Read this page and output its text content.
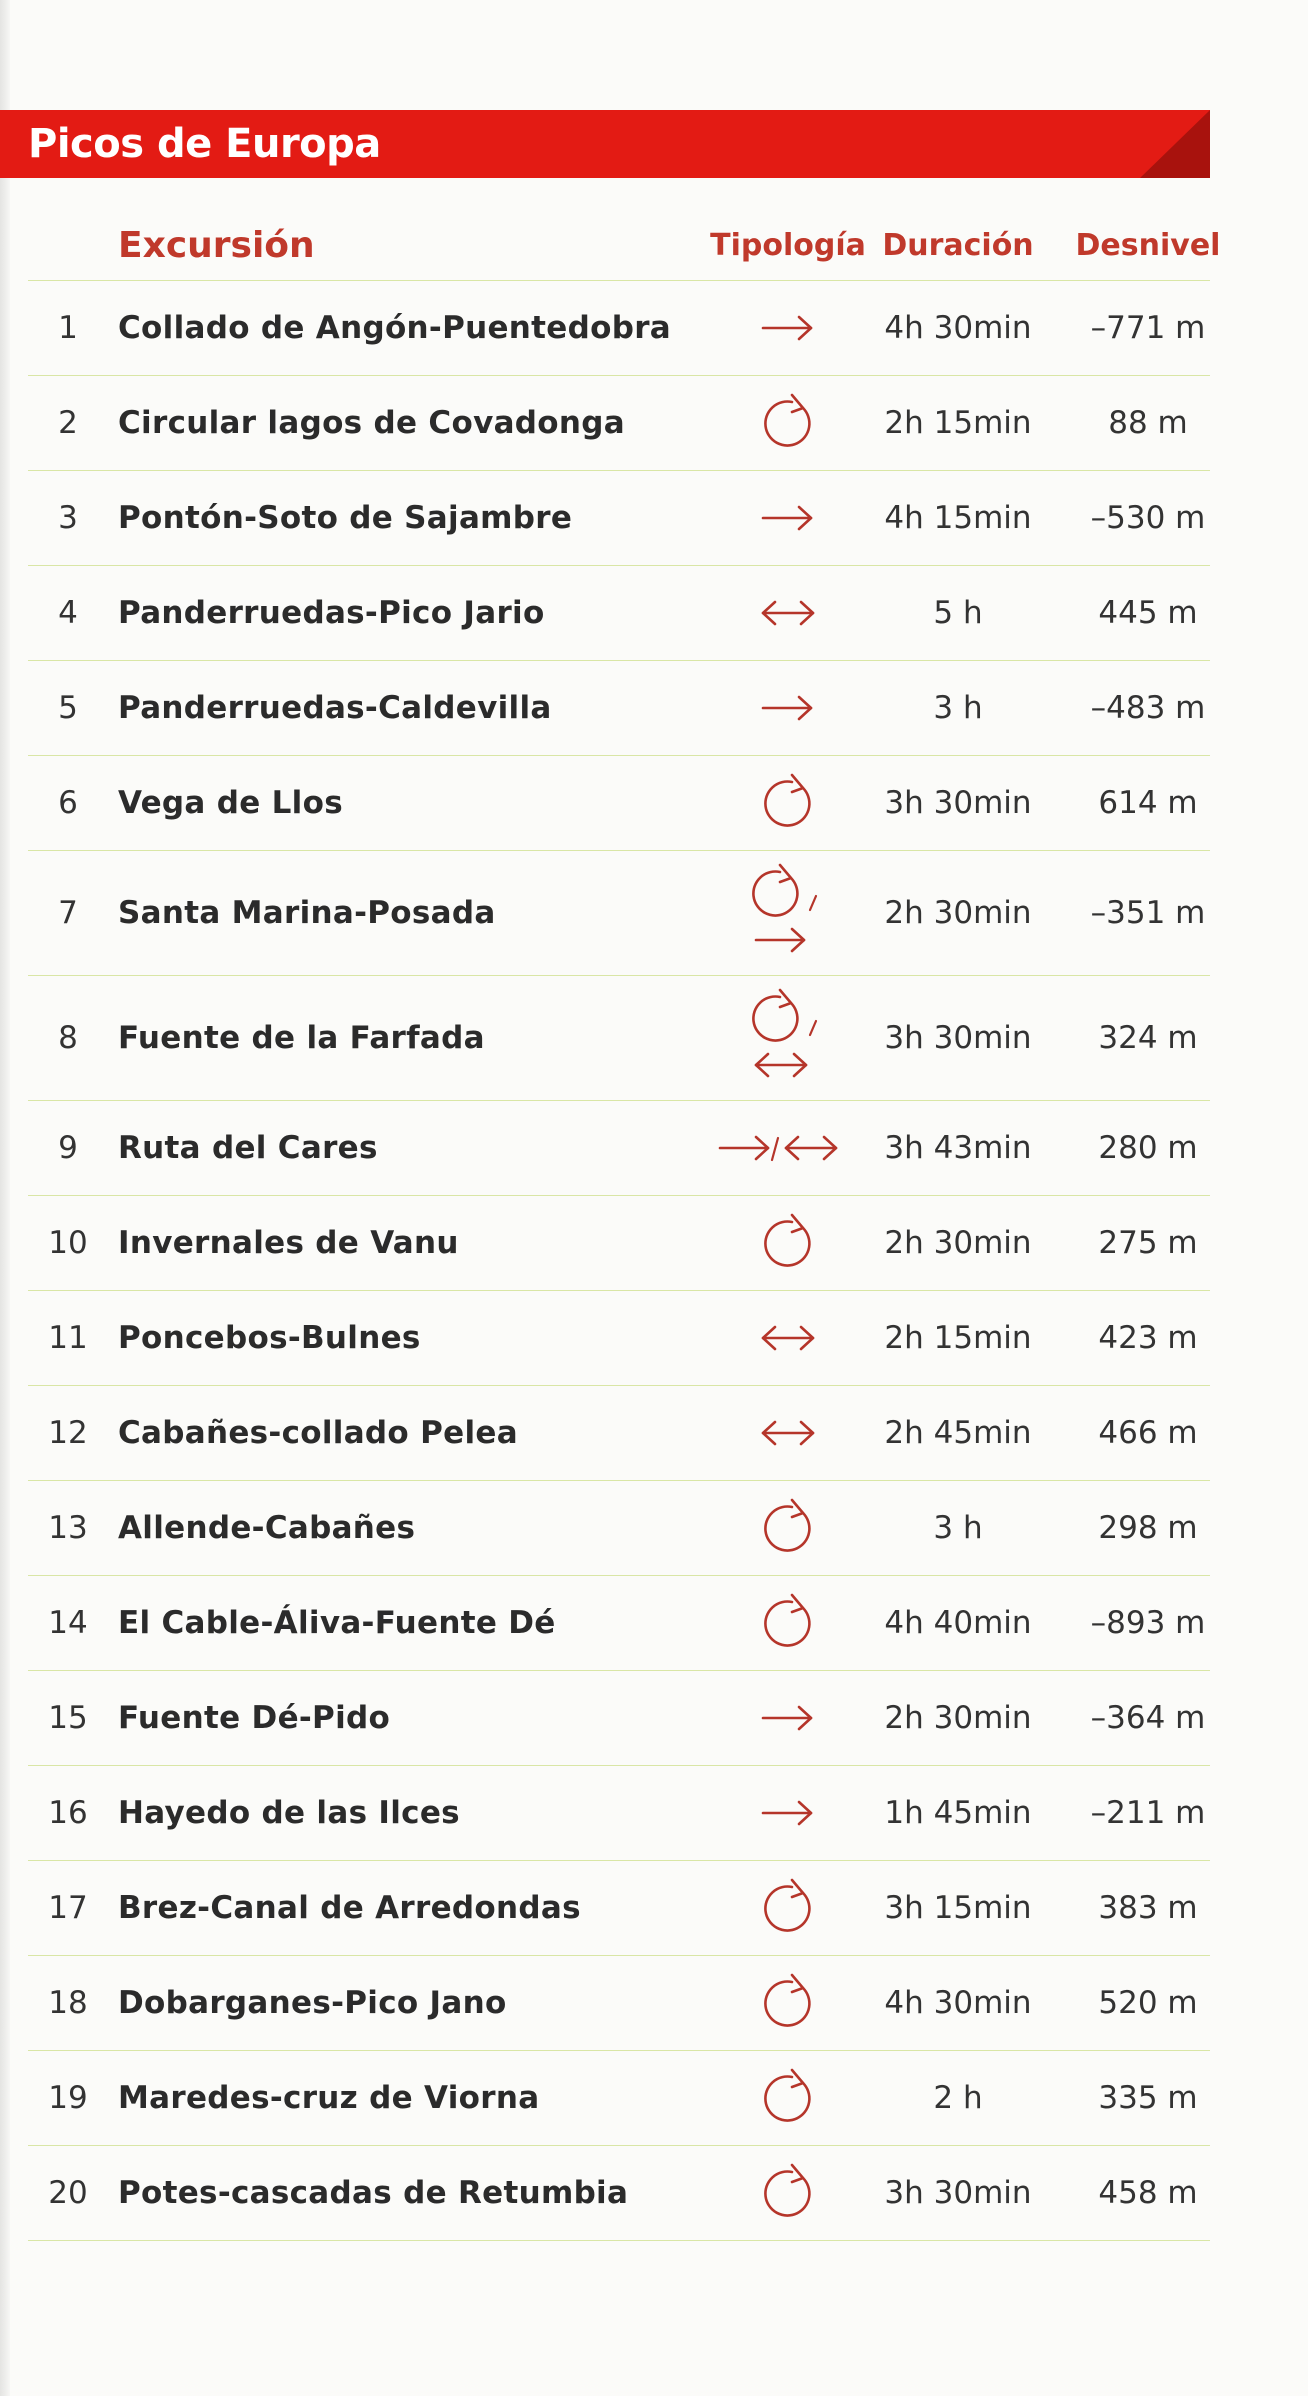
Picos de Europa
Excursión	Tipología Duración	Desnivel
1	Collado de Angón-Puentedobra	4h 30min	–771 m
2	Circular lagos de Covadonga	2h 15min	88 m
3	Pontón-Soto de Sajambre	4h 15min	–530 m
4	Panderruedas-Pico Jario	5 h	445 m
5	Panderruedas-Caldevilla	3 h	–483 m
6	Vega de Llos	3h 30min	614 m
7	Santa Marina-Posada	2h 30min	–351 m
8	Fuente de la Farfada	3h 30min	324 m
9	Ruta del Cares	3h 43min	280 m
10 Invernales de Vanu	2h 30min	275 m
11 Poncebos-Bulnes	2h 15min	423 m
12 Cabañes-collado Pelea	2h 45min	466 m
13 Allende-Cabañes	3 h	298 m
14 El Cable-Áliva-Fuente Dé	4h 40min	–893 m
15 Fuente Dé-Pido	2h 30min	–364 m
16 Hayedo de las Ilces	1h 45min	–211 m
17 Brez-Canal de Arredondas	3h 15min	383 m
18 Dobarganes-Pico Jano	4h 30min	520 m
19 Maredes-cruz de Viorna	2 h	335 m
20 Potes-cascadas de Retumbia	3h 30min	458 m
